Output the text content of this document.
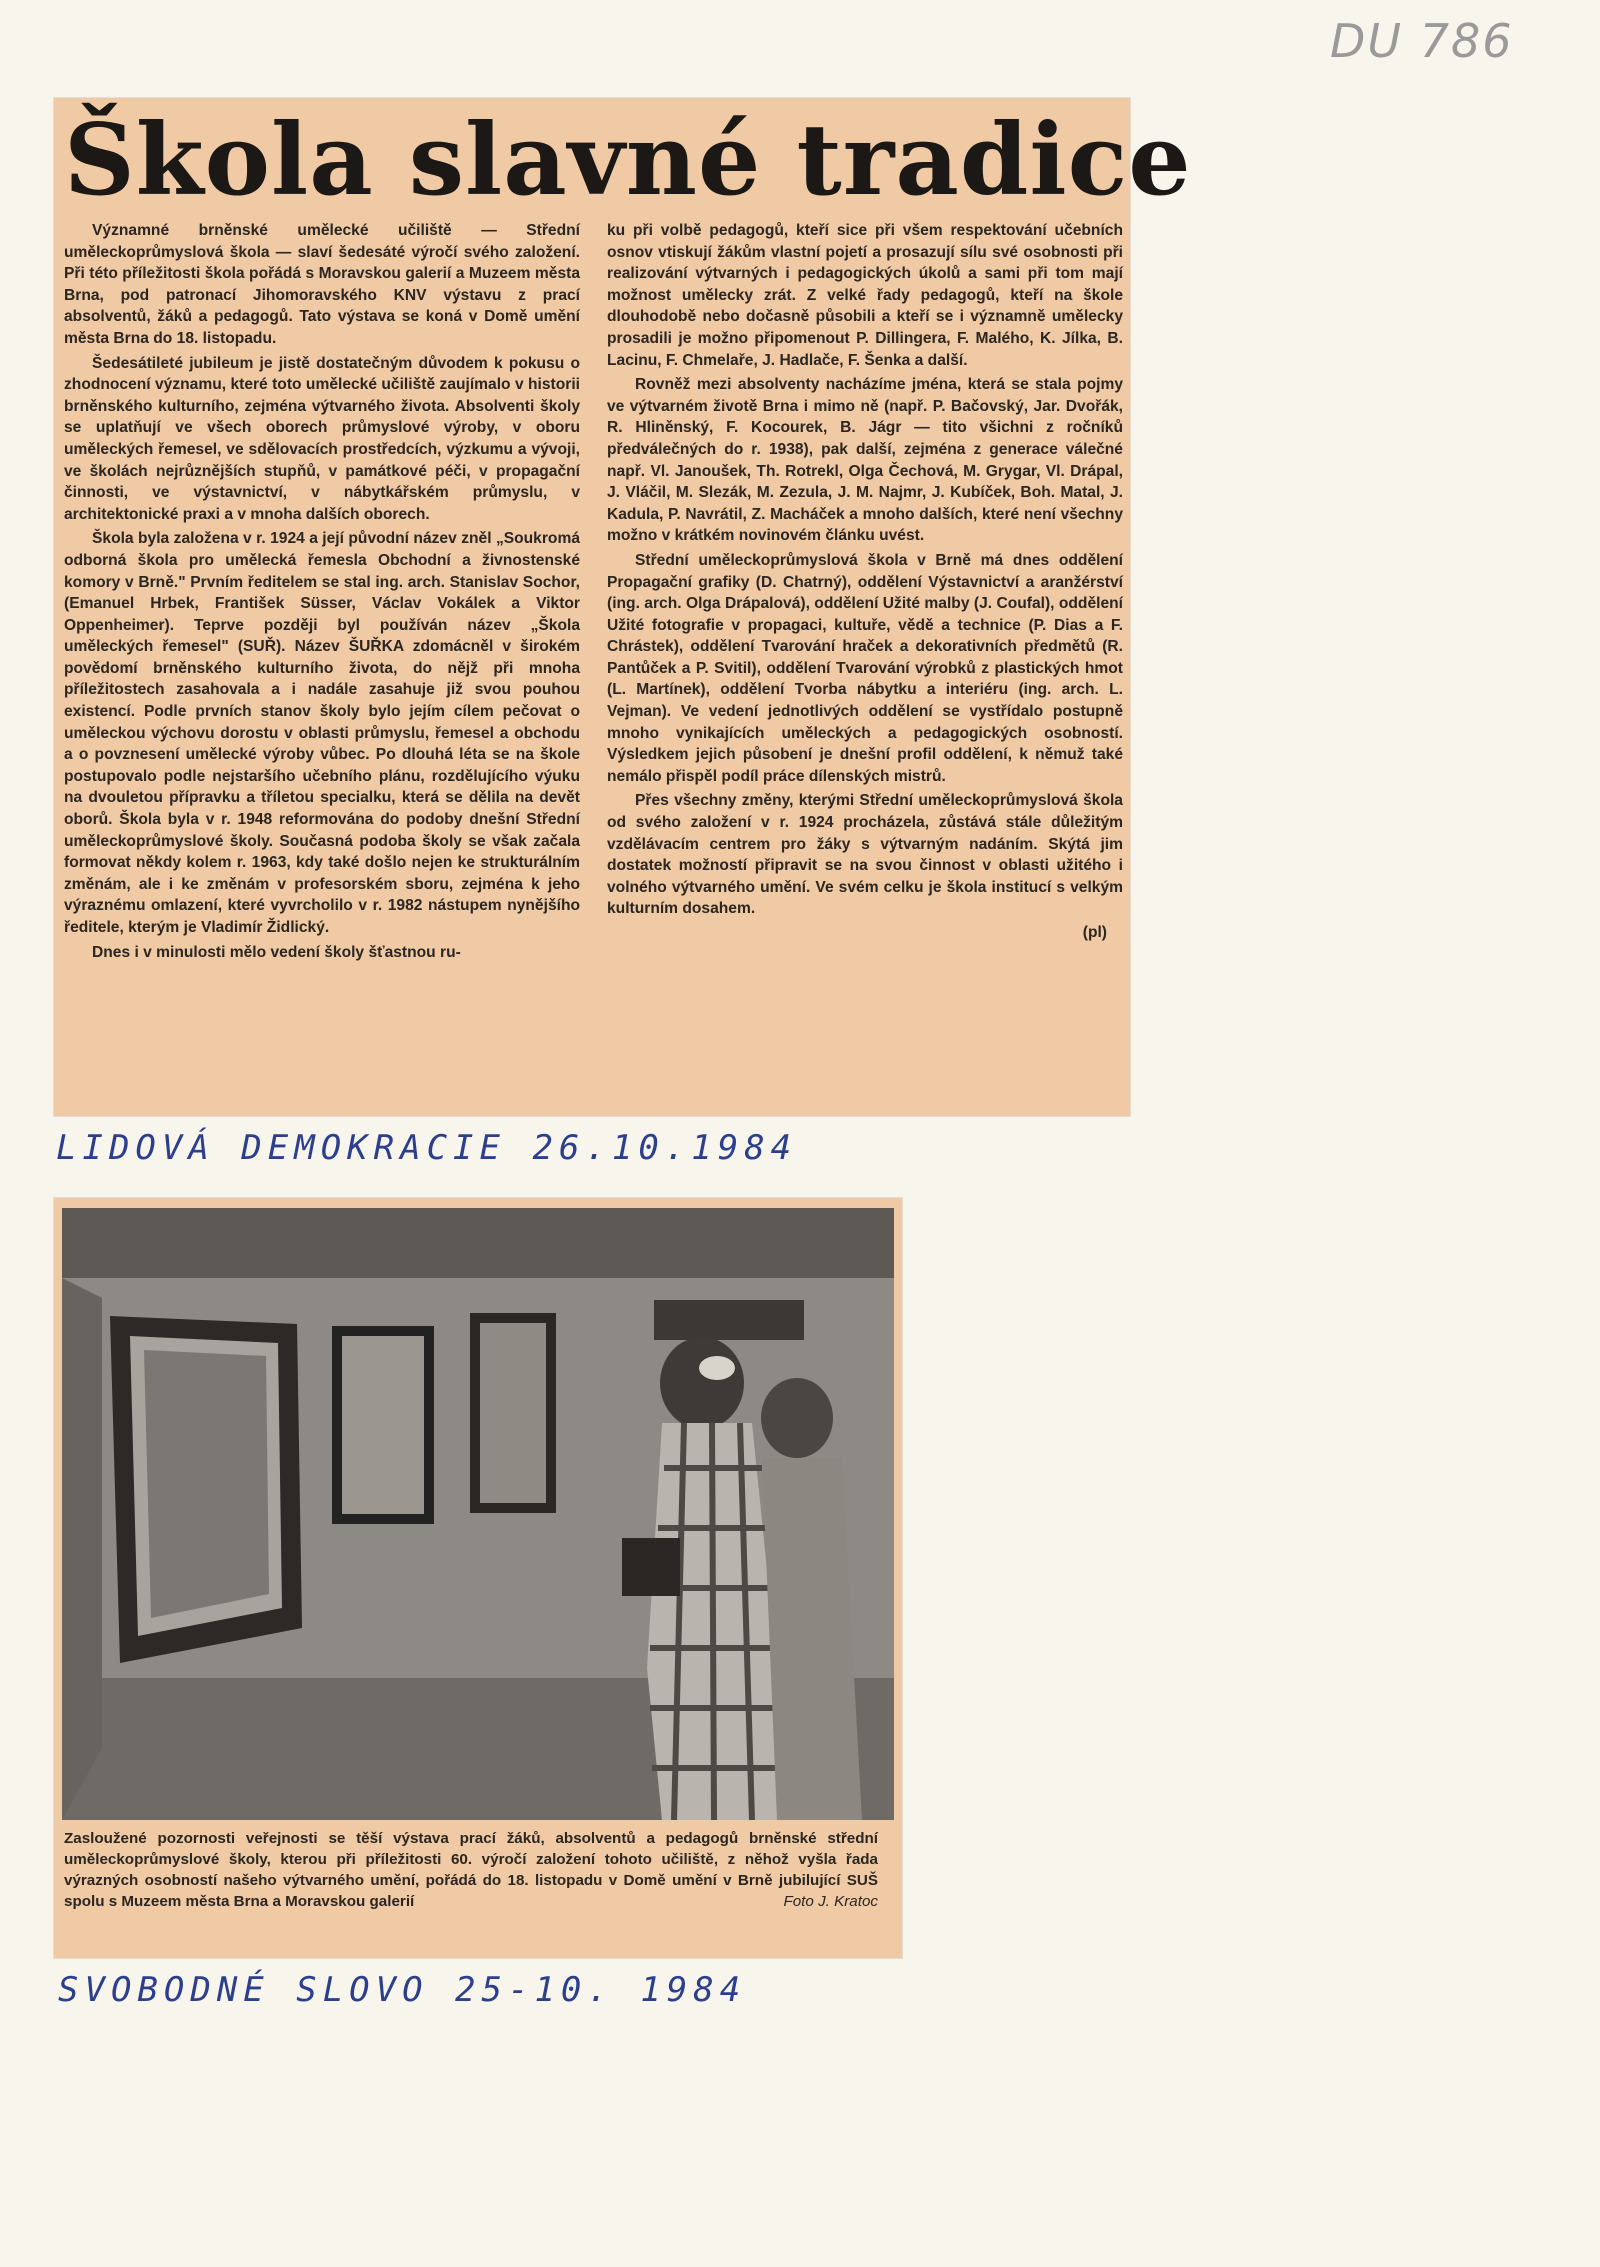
DU 786
Škola slavné tradice

Významné brněnské umělecké učiliště — Střední uměleckoprůmyslová škola — slaví šedesáté výročí svého založení. Při této příležitosti škola pořádá s Moravskou galerií a Muzeem města Brna, pod patronací Jihomoravského KNV výstavu z prací absolventů, žáků a pedagogů. Tato výstava se koná v Domě umění města Brna do 18. listopadu.

Šedesátileté jubileum je jistě dostatečným důvodem k pokusu o zhodnocení významu, které toto umělecké učiliště zaujímalo v historii brněnského kulturního, zejména výtvarného života. Absolventi školy se uplatňují ve všech oborech průmyslové výroby, v oboru uměleckých řemesel, ve sdělovacích prostředcích, výzkumu a vývoji, ve školách nejrůznějších stupňů, v památkové péči, v propagační činnosti, ve výstavnictví, v nábytkářském průmyslu, v architektonické praxi a v mnoha dalších oborech.

Škola byla založena v r. 1924 a její původní název zněl „Soukromá odborná škola pro umělecká řemesla Obchodní a živnostenské komory v Brně." Prvním ředitelem se stal ing. arch. Stanislav Sochor, (Emanuel Hrbek, František Süsser, Václav Vokálek a Viktor Oppenheimer). Teprve později byl používán název „Škola uměleckých řemesel" (SUŘ). Název ŠUŘKA zdomácněl v širokém povědomí brněnského kulturního života, do nějž při mnoha příležitostech zasahovala a i nadále zasahuje již svou pouhou existencí. Podle prvních stanov školy bylo jejím cílem pečovat o uměleckou výchovu dorostu v oblasti průmyslu, řemesel a obchodu a o povznesení umělecké výroby vůbec. Po dlouhá léta se na škole postupovalo podle nejstaršího učebního plánu, rozdělujícího výuku na dvouletou přípravku a tříletou specialku, která se dělila na devět oborů. Škola byla v r. 1948 reformována do podoby dnešní Střední uměleckoprůmyslové školy. Současná podoba školy se však začala formovat někdy kolem r. 1963, kdy také došlo nejen ke strukturálním změnám, ale i ke změnám v profesorském sboru, zejména k jeho výraznému omlazení, které vyvrcholilo v r. 1982 nástupem nynějšího ředitele, kterým je Vladimír Židlický.

Dnes i v minulosti mělo vedení školy šťastnou ru-

ku při volbě pedagogů, kteří sice při všem respektování učebních osnov vtiskují žákům vlastní pojetí a prosazují sílu své osobnosti při realizování výtvarných i pedagogických úkolů a sami při tom mají možnost umělecky zrát. Z velké řady pedagogů, kteří na škole dlouhodobě nebo dočasně působili a kteří se i významně umělecky prosadili je možno připomenout P. Dillingera, F. Malého, K. Jílka, B. Lacinu, F. Chmelaře, J. Hadlače, F. Šenka a další.

Rovněž mezi absolventy nacházíme jména, která se stala pojmy ve výtvarném životě Brna i mimo ně (např. P. Bačovský, Jar. Dvořák, R. Hliněnský, F. Kocourek, B. Jágr — tito všichni z ročníků předválečných do r. 1938), pak další, zejména z generace válečné např. Vl. Janoušek, Th. Rotrekl, Olga Čechová, M. Grygar, Vl. Drápal, J. Vláčil, M. Slezák, M. Zezula, J. M. Najmr, J. Kubíček, Boh. Matal, J. Kadula, P. Navrátil, Z. Macháček a mnoho dalších, které není všechny možno v krátkém novinovém článku uvést.

Střední uměleckoprůmyslová škola v Brně má dnes oddělení Propagační grafiky (D. Chatrný), oddělení Výstavnictví a aranžérství (ing. arch. Olga Drápalová), oddělení Užité malby (J. Coufal), oddělení Užité fotografie v propagaci, kultuře, vědě a technice (P. Dias a F. Chrástek), oddělení Tvarování hraček a dekorativních předmětů (R. Pantůček a P. Svitil), oddělení Tvarování výrobků z plastických hmot (L. Martínek), oddělení Tvorba nábytku a interiéru (ing. arch. L. Vejman). Ve vedení jednotlivých oddělení se vystřídalo postupně mnoho vynikajících uměleckých a pedagogických osobností. Výsledkem jejich působení je dnešní profil oddělení, k němuž také nemálo přispěl podíl práce dílenských mistrů.

Přes všechny změny, kterými Střední uměleckoprůmyslová škola od svého založení v r. 1924 procházela, zůstává stále důležitým vzdělávacím centrem pro žáky s výtvarným nadáním. Skýtá jim dostatek možností připravit se na svou činnost v oblasti užitého i volného výtvarného umění. Ve svém celku je škola institucí s velkým kulturním dosahem.

(pl)
LIDOVÁ DEMOKRACIE 26.10.1984

Zasloužené pozornosti veřejnosti se těší výstava prací žáků, absolventů a pedagogů brněnské střední uměleckoprůmyslové školy, kterou při příležitosti 60. výročí založení tohoto učiliště, z něhož vyšla řada výrazných osobností našeho výtvarného umění, pořádá do 18. listopadu v Domě umění v Brně jubilující SUŠ spolu s Muzeem města Brna a Moravskou galerií	Foto J. Kratoc

SVOBODNÉ SLOVO 25-10. 1984
